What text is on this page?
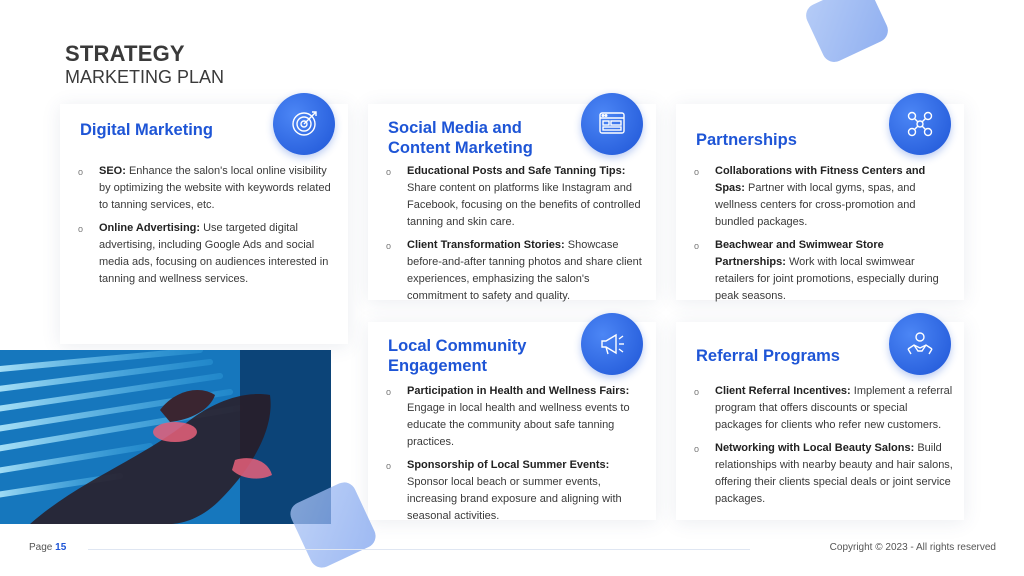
STRATEGY
MARKETING PLAN
Digital Marketing
o SEO: Enhance the salon's local online visibility by optimizing the website with keywords related to tanning services, etc.
o Online Advertising: Use targeted digital advertising, including Google Ads and social media ads, focusing on audiences interested in tanning and wellness services.
Social Media and
Content Marketing
o Educational Posts and Safe Tanning Tips: Share content on platforms like Instagram and Facebook, focusing on the benefits of controlled tanning and skin care.
o Client Transformation Stories: Showcase before-and-after tanning photos and share client experiences, emphasizing the salon's commitment to safety and quality.
Partnerships
o Collaborations with Fitness Centers and Spas: Partner with local gyms, spas, and wellness centers for cross-promotion and bundled packages.
o Beachwear and Swimwear Store Partnerships: Work with local swimwear retailers for joint promotions, especially during peak seasons.
Local Community
Engagement
o Participation in Health and Wellness Fairs: Engage in local health and wellness events to educate the community about safe tanning practices.
o Sponsorship of Local Summer Events: Sponsor local beach or summer events, increasing brand exposure and aligning with seasonal activities.
Referral Programs
o Client Referral Incentives: Implement a referral program that offers discounts or special packages for clients who refer new customers.
o Networking with Local Beauty Salons: Build relationships with nearby beauty and hair salons, offering their clients special deals or joint service packages.
Page 15	Copyright © 2023 - All rights reserved
